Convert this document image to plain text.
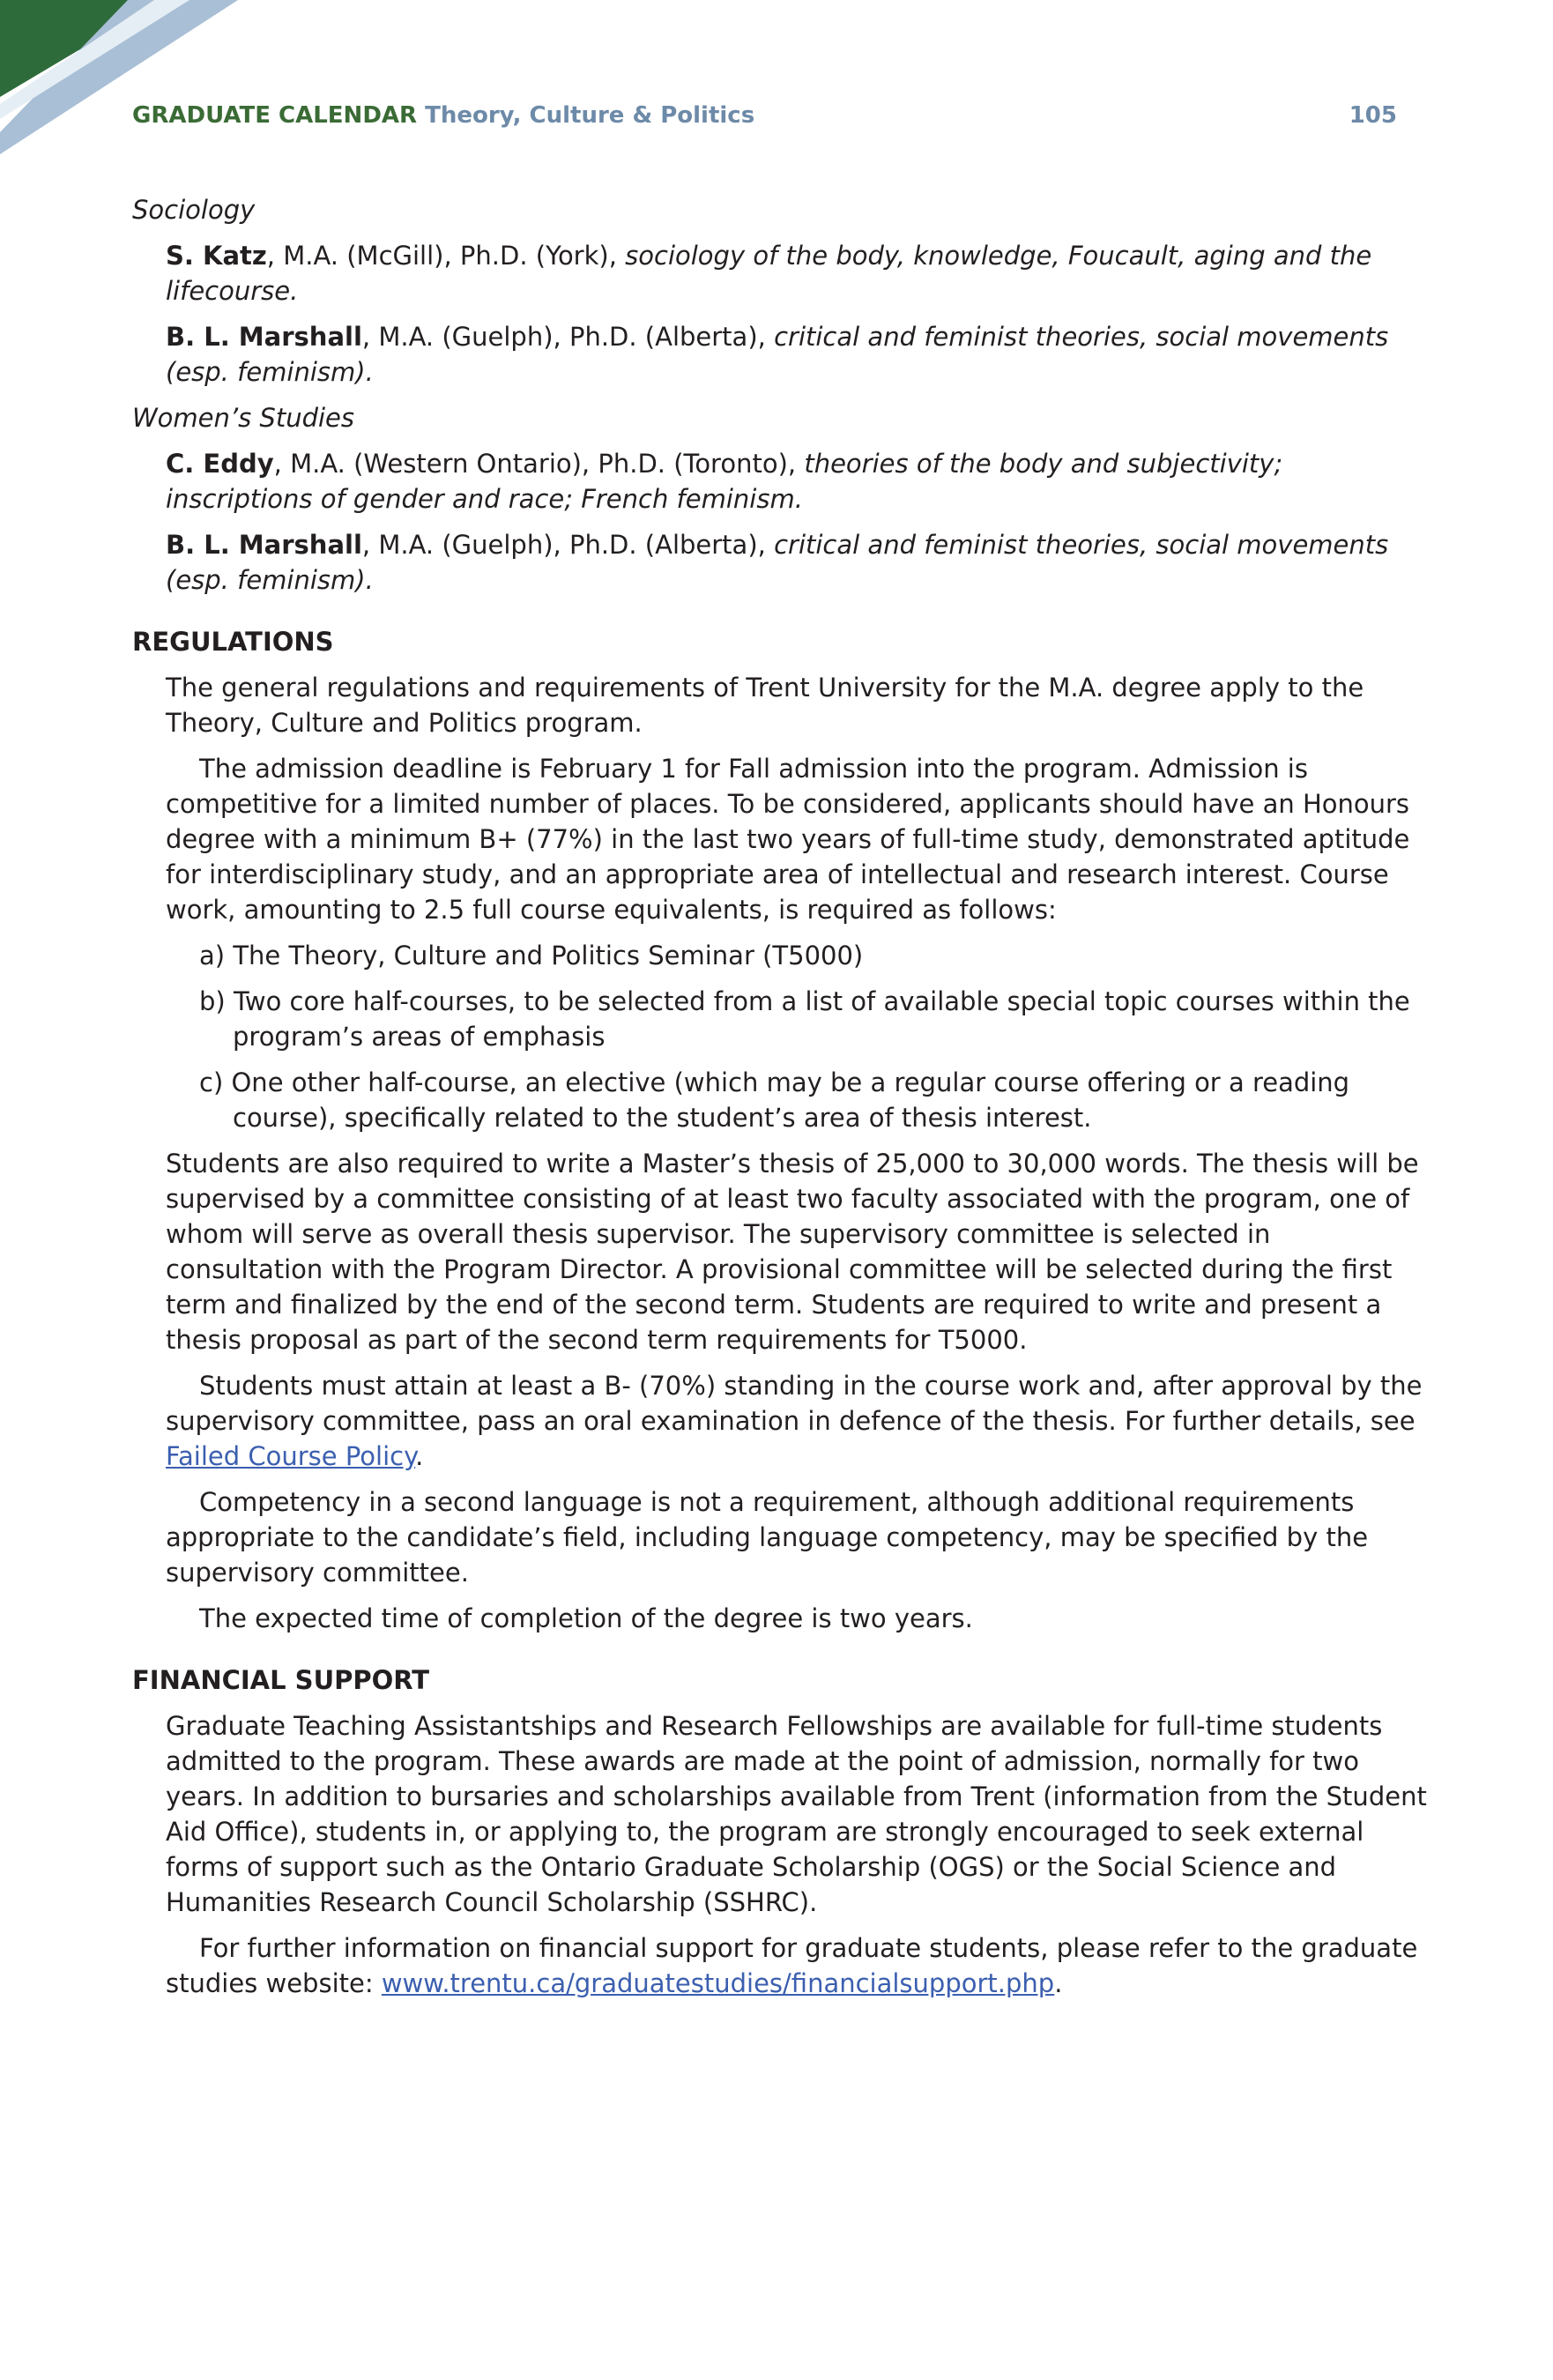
GRADUATE CALENDAR Theory, Culture & Politics	105

Sociology

S. Katz, M.A. (McGill), Ph.D. (York), sociology of the body, knowledge, Foucault, aging and the lifecourse.

B. L. Marshall, M.A. (Guelph), Ph.D. (Alberta), critical and feminist theories, social movements (esp. feminism).

Women’s Studies

C. Eddy, M.A. (Western Ontario), Ph.D. (Toronto), theories of the body and subjectivity; inscriptions of gender and race; French feminism.

B. L. Marshall, M.A. (Guelph), Ph.D. (Alberta), critical and feminist theories, social movements (esp. feminism).

REGULATIONS

The general regulations and requirements of Trent University for the M.A. degree apply to the Theory, Culture and Politics program.

The admission deadline is February 1 for Fall admission into the program. Admission is competitive for a limited number of places. To be considered, applicants should have an Honours degree with a minimum B+ (77%) in the last two years of full-time study, demonstrated aptitude for interdisciplinary study, and an appropriate area of intellectual and research interest. Course work, amounting to 2.5 full course equivalents, is required as follows:

a) The Theory, Culture and Politics Seminar (T5000)

b) Two core half-courses, to be selected from a list of available special topic courses within the program’s areas of emphasis

c) One other half-course, an elective (which may be a regular course offering or a reading course), specifically related to the student’s area of thesis interest.

Students are also required to write a Master’s thesis of 25,000 to 30,000 words. The thesis will be supervised by a committee consisting of at least two faculty associated with the program, one of whom will serve as overall thesis supervisor. The supervisory committee is selected in consultation with the Program Director. A provisional committee will be selected during the first term and finalized by the end of the second term. Students are required to write and present a thesis proposal as part of the second term requirements for T5000.

Students must attain at least a B- (70%) standing in the course work and, after approval by the supervisory committee, pass an oral examination in defence of the thesis. For further details, see Failed Course Policy.

Competency in a second language is not a requirement, although additional requirements appropriate to the candidate’s field, including language competency, may be specified by the supervisory committee.

The expected time of completion of the degree is two years.

FINANCIAL SUPPORT

Graduate Teaching Assistantships and Research Fellowships are available for full-time students admitted to the program. These awards are made at the point of admission, normally for two years. In addition to bursaries and scholarships available from Trent (information from the Student Aid Office), students in, or applying to, the program are strongly encouraged to seek external forms of support such as the Ontario Graduate Scholarship (OGS) or the Social Science and Humanities Research Council Scholarship (SSHRC).

For further information on financial support for graduate students, please refer to the graduate studies website: www.trentu.ca/graduatestudies/financialsupport.php.
